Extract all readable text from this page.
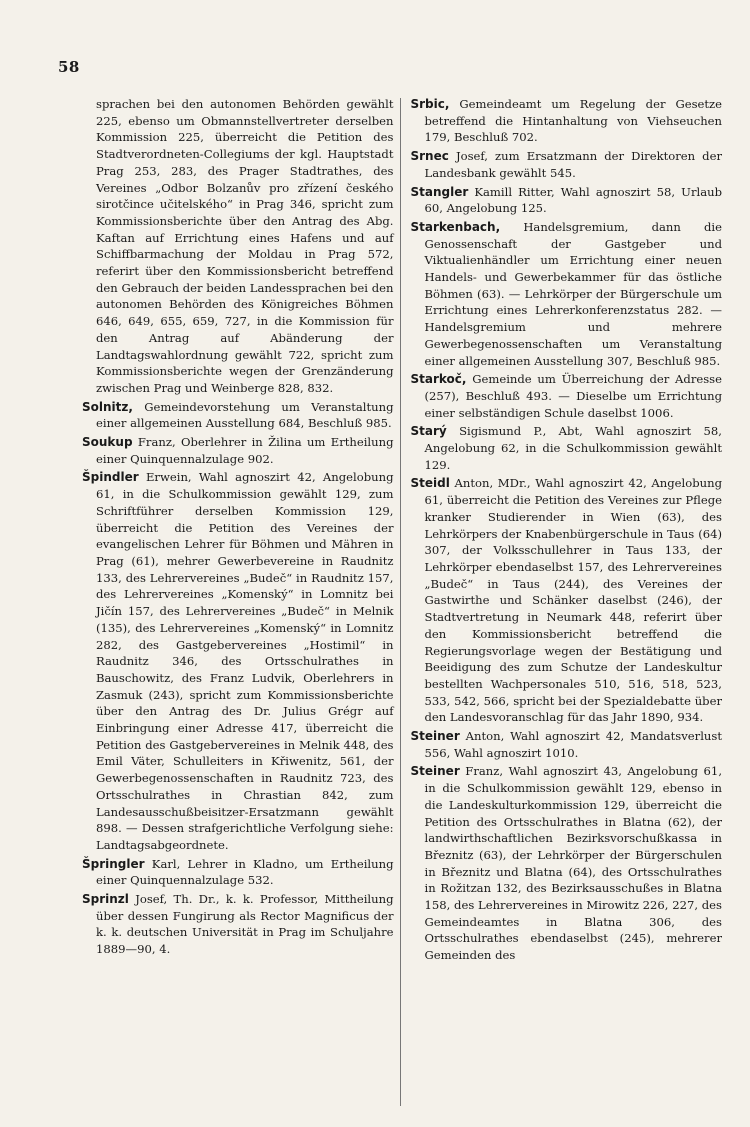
58

sprachen bei den autonomen Behörden gewählt 225, ebenso um Obmannstellvertreter derselben Kommission 225, überreicht die Petition des Stadtverordneten-Collegiums der kgl. Hauptstadt Prag 253, 283, des Prager Stadtrathes, des Vereines „Odbor Bolzanův pro zřízení českého sirotčince učitelského“ in Prag 346, spricht zum Kommissionsberichte über den Antrag des Abg. Kaftan auf Errichtung eines Hafens und auf Schiffbarmachung der Moldau in Prag 572, referirt über den Kommissionsbericht betreffend den Gebrauch der beiden Landessprachen bei den autonomen Behörden des Königreiches Böhmen 646, 649, 655, 659, 727, in die Kommission für den Antrag auf Abänderung der Landtagswahlordnung gewählt 722, spricht zum Kommissionsberichte wegen der Grenzänderung zwischen Prag und Weinberge 828, 832.

Solnitz, Gemeindevorstehung um Veranstaltung einer allgemeinen Ausstellung 684, Beschluß 985.

Soukup Franz, Oberlehrer in Žilina um Ertheilung einer Quinquennalzulage 902.

Špindler Erwein, Wahl agnoszirt 42, Angelobung 61, in die Schulkommission gewählt 129, zum Schriftführer derselben Kommission 129, überreicht die Petition des Vereines der evangelischen Lehrer für Böhmen und Mähren in Prag (61), mehrer Gewerbevereine in Raudnitz 133, des Lehrervereines „Budeč“ in Raudnitz 157, des Lehrervereines „Komenský“ in Lomnitz bei Jičín 157, des Lehrervereines „Budeč“ in Melnik (135), des Lehrervereines „Komenský“ in Lomnitz 282, des Gastgebervereines „Hostimil“ in Raudnitz 346, des Ortsschulrathes in Bauschowitz, des Franz Ludvik, Oberlehrers in Zasmuk (243), spricht zum Kommissionsberichte über den Antrag des Dr. Julius Grégr auf Einbringung einer Adresse 417, überreicht die Petition des Gastgebervereines in Melnik 448, des Emil Väter, Schulleiters in Křiwenitz, 561, der Gewerbegenossenschaften in Raudnitz 723, des Ortsschulrathes in Chrastian 842, zum Landesausschußbeisitzer-Ersatzmann gewählt 898. — Dessen strafgerichtliche Verfolgung siehe: Landtagsabgeordnete.

Špringler Karl, Lehrer in Kladno, um Ertheilung einer Quinquennalzulage 532.

Sprinzl Josef, Th. Dr., k. k. Professor, Mittheilung über dessen Fungirung als Rector Magnificus der k. k. deutschen Universität in Prag im Schuljahre 1889—90, 4.

Srbic, Gemeindeamt um Regelung der Gesetze betreffend die Hintanhaltung von Viehseuchen 179, Beschluß 702.

Srnec Josef, zum Ersatzmann der Direktoren der Landesbank gewählt 545.

Stangler Kamill Ritter, Wahl agnoszirt 58, Urlaub 60, Angelobung 125.

Starkenbach, Handelsgremium, dann die Genossenschaft der Gastgeber und Viktualienhändler um Errichtung einer neuen Handels- und Gewerbekammer für das östliche Böhmen (63). — Lehrkörper der Bürgerschule um Errichtung eines Lehrerkonferenzstatus 282. — Handelsgremium und mehrere Gewerbegenossenschaften um Veranstaltung einer allgemeinen Ausstellung 307, Beschluß 985.

Starkoč, Gemeinde um Überreichung der Adresse (257), Beschluß 493. — Dieselbe um Errichtung einer selbständigen Schule daselbst 1006.

Starý Sigismund P., Abt, Wahl agnoszirt 58, Angelobung 62, in die Schulkommission gewählt 129.

Steidl Anton, MDr., Wahl agnoszirt 42, Angelobung 61, überreicht die Petition des Vereines zur Pflege kranker Studierender in Wien (63), des Lehrkörpers der Knabenbürgerschule in Taus (64) 307, der Volksschullehrer in Taus 133, der Lehrkörper ebendaselbst 157, des Lehrervereines „Budeč“ in Taus (244), des Vereines der Gastwirthe und Schänker daselbst (246), der Stadtvertretung in Neumark 448, referirt über den Kommissionsbericht betreffend die Regierungsvorlage wegen der Bestätigung und Beeidigung des zum Schutze der Landeskultur bestellten Wachpersonales 510, 516, 518, 523, 533, 542, 566, spricht bei der Spezialdebatte über den Landesvoranschlag für das Jahr 1890, 934.

Steiner Anton, Wahl agnoszirt 42, Mandatsverlust 556, Wahl agnoszirt 1010.

Steiner Franz, Wahl agnoszirt 43, Angelobung 61, in die Schulkommission gewählt 129, ebenso in die Landeskulturkommission 129, überreicht die Petition des Ortsschulrathes in Blatna (62), der landwirthschaftlichen Bezirksvorschußkassa in Březnitz (63), der Lehrkörper der Bürgerschulen in Březnitz und Blatna (64), des Ortsschulrathes in Rožitzan 132, des Bezirksausschußes in Blatna 158, des Lehrervereines in Mirowitz 226, 227, des Gemeindeamtes in Blatna 306, des Ortsschulrathes ebendaselbst (245), mehrerer Gemeinden des
